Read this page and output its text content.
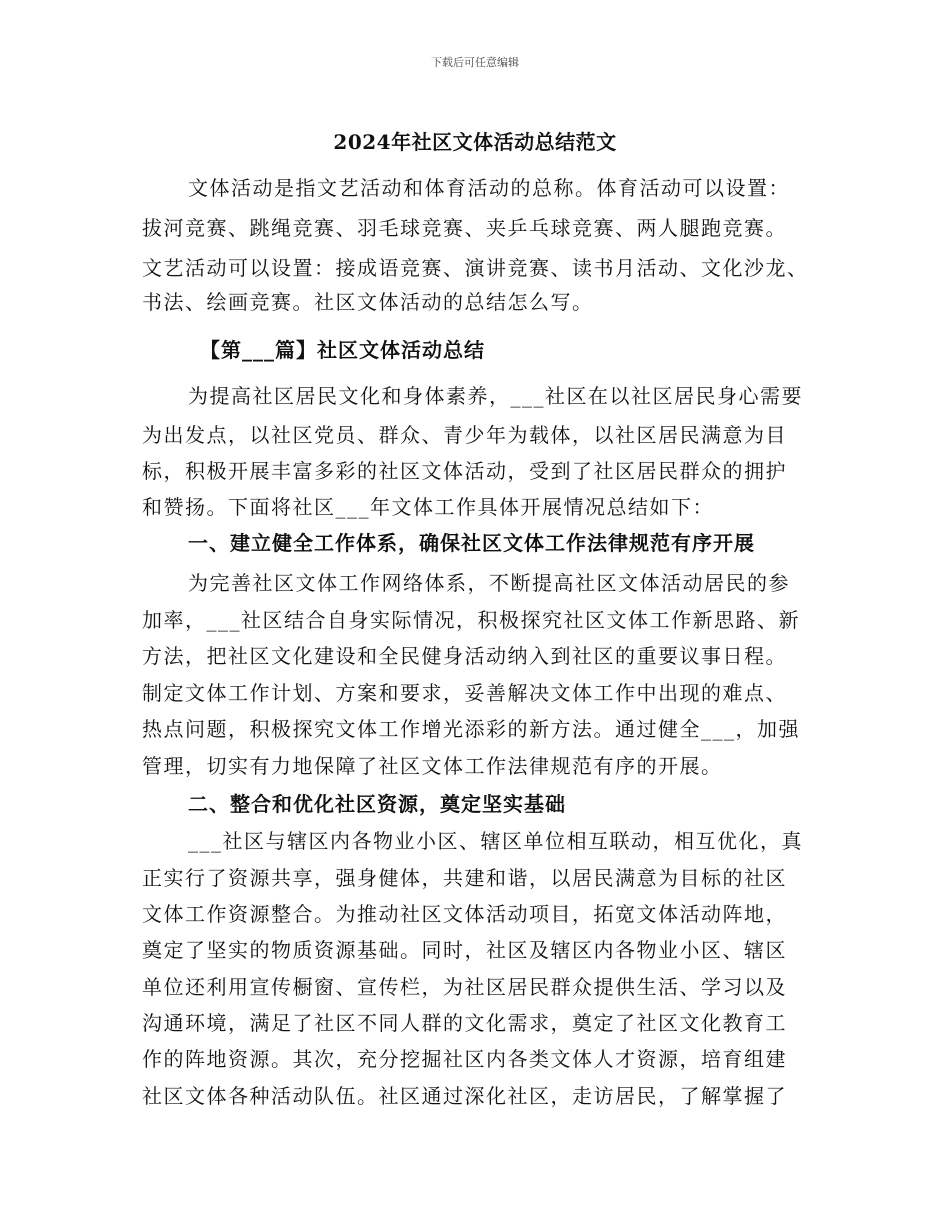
下载后可任意编辑
2024年社区文体活动总结范文
文体活动是指文艺活动和体育活动的总称。体育活动可以设置：
拔河竞赛、跳绳竞赛、羽毛球竞赛、夹乒乓球竞赛、两人腿跑竞赛。
文艺活动可以设置：接成语竞赛、演讲竞赛、读书月活动、文化沙龙、
书法、绘画竞赛。社区文体活动的总结怎么写。
【第___篇】社区文体活动总结
为提高社区居民文化和身体素养，___社区在以社区居民身心需要
为出发点，以社区党员、群众、青少年为载体，以社区居民满意为目
标，积极开展丰富多彩的社区文体活动，受到了社区居民群众的拥护
和赞扬。下面将社区___年文体工作具体开展情况总结如下：
一、建立健全工作体系，确保社区文体工作法律规范有序开展
为完善社区文体工作网络体系，不断提高社区文体活动居民的参
加率，___社区结合自身实际情况，积极探究社区文体工作新思路、新
方法，把社区文化建设和全民健身活动纳入到社区的重要议事日程。
制定文体工作计划、方案和要求，妥善解决文体工作中出现的难点、
热点问题，积极探究文体工作增光添彩的新方法。通过健全___，加强
管理，切实有力地保障了社区文体工作法律规范有序的开展。
二、整合和优化社区资源，奠定坚实基础
___社区与辖区内各物业小区、辖区单位相互联动，相互优化，真
正实行了资源共享，强身健体，共建和谐，以居民满意为目标的社区
文体工作资源整合。为推动社区文体活动项目，拓宽文体活动阵地，
奠定了坚实的物质资源基础。同时，社区及辖区内各物业小区、辖区
单位还利用宣传橱窗、宣传栏，为社区居民群众提供生活、学习以及
沟通环境，满足了社区不同人群的文化需求，奠定了社区文化教育工
作的阵地资源。其次，充分挖掘社区内各类文体人才资源，培育组建
社区文体各种活动队伍。社区通过深化社区，走访居民，了解掌握了
